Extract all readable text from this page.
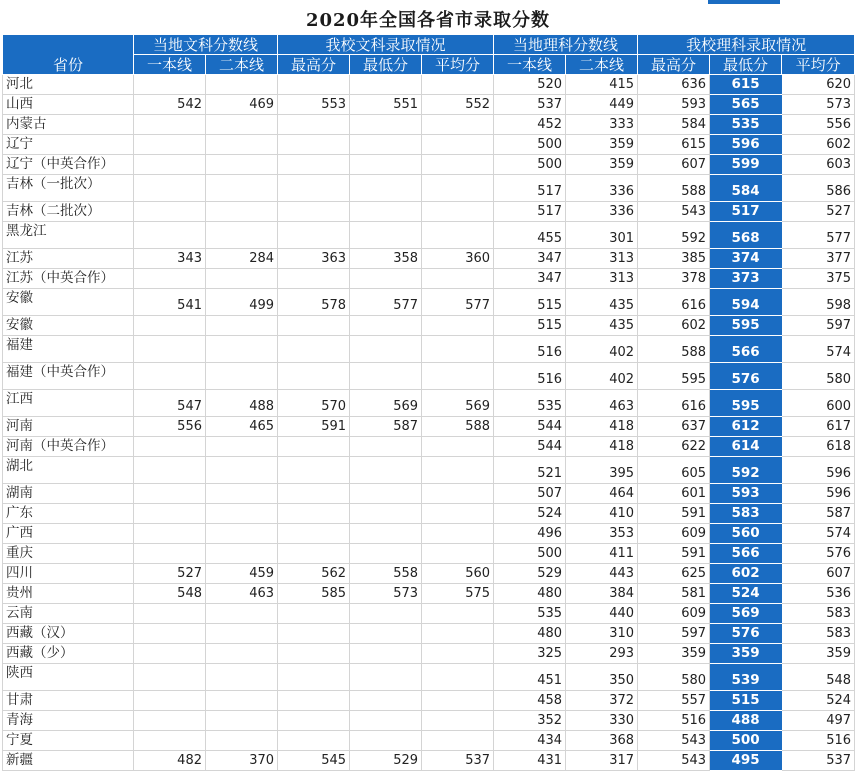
2020年全国各省市录取分数
省份	当地文科分数线		我校文科录取情况			当地理科分数线		我校理科录取情况		
	一本线	二本线	最高分	最低分	平均分	一本线	二本线	最高分	最低分	平均分
河北						520	415	636	615	620
山西	542	469	553	551	552	537	449	593	565	573
内蒙古						452	333	584	535	556
辽宁						500	359	615	596	602
辽宁（中英合作）						500	359	607	599	603
吉林（一批次）						517	336	588	584	586
吉林（二批次）						517	336	543	517	527
黑龙江						455	301	592	568	577
江苏	343	284	363	358	360	347	313	385	374	377
江苏（中英合作）						347	313	378	373	375
安徽	541	499	578	577	577	515	435	616	594	598
安徽						515	435	602	595	597
福建						516	402	588	566	574
福建（中英合作）						516	402	595	576	580
江西	547	488	570	569	569	535	463	616	595	600
河南	556	465	591	587	588	544	418	637	612	617
河南（中英合作）						544	418	622	614	618
湖北						521	395	605	592	596
湖南						507	464	601	593	596
广东						524	410	591	583	587
广西						496	353	609	560	574
重庆						500	411	591	566	576
四川	527	459	562	558	560	529	443	625	602	607
贵州	548	463	585	573	575	480	384	581	524	536
云南						535	440	609	569	583
西藏（汉）						480	310	597	576	583
西藏（少）						325	293	359	359	359
陕西						451	350	580	539	548
甘肃						458	372	557	515	524
青海						352	330	516	488	497
宁夏						434	368	543	500	516
新疆	482	370	545	529	537	431	317	543	495	537
